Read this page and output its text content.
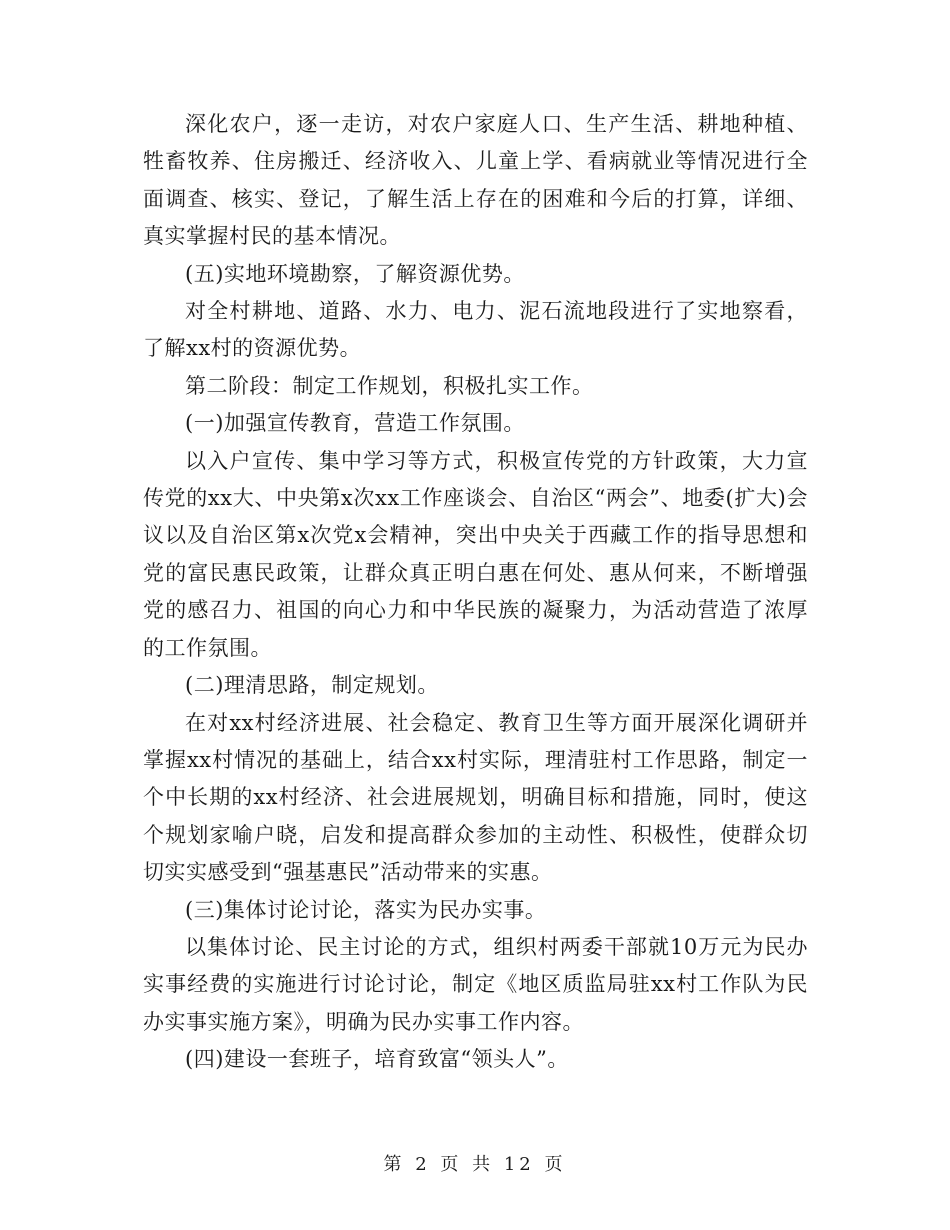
深化农户，逐一走访，对农户家庭人口、生产生活、耕地种植、牲畜牧养、住房搬迁、经济收入、儿童上学、看病就业等情况进行全面调查、核实、登记，了解生活上存在的困难和今后的打算，详细、真实掌握村民的基本情况。

(五)实地环境勘察，了解资源优势。

对全村耕地、道路、水力、电力、泥石流地段进行了实地察看，了解xx村的资源优势。

第二阶段：制定工作规划，积极扎实工作。

(一)加强宣传教育，营造工作氛围。

以入户宣传、集中学习等方式，积极宣传党的方针政策，大力宣传党的xx大、中央第x次xx工作座谈会、自治区“两会”、地委(扩大)会议以及自治区第x次党x会精神，突出中央关于西藏工作的指导思想和党的富民惠民政策，让群众真正明白惠在何处、惠从何来，不断增强党的感召力、祖国的向心力和中华民族的凝聚力，为活动营造了浓厚的工作氛围。

(二)理清思路，制定规划。

在对xx村经济进展、社会稳定、教育卫生等方面开展深化调研并掌握xx村情况的基础上，结合xx村实际，理清驻村工作思路，制定一个中长期的xx村经济、社会进展规划，明确目标和措施，同时，使这个规划家喻户晓，启发和提高群众参加的主动性、积极性，使群众切切实实感受到“强基惠民”活动带来的实惠。

(三)集体讨论讨论，落实为民办实事。

以集体讨论、民主讨论的方式，组织村两委干部就10万元为民办实事经费的实施进行讨论讨论，制定《地区质监局驻xx村工作队为民办实事实施方案》，明确为民办实事工作内容。

(四)建设一套班子，培育致富“领头人”。

第 2 页 共 12 页
